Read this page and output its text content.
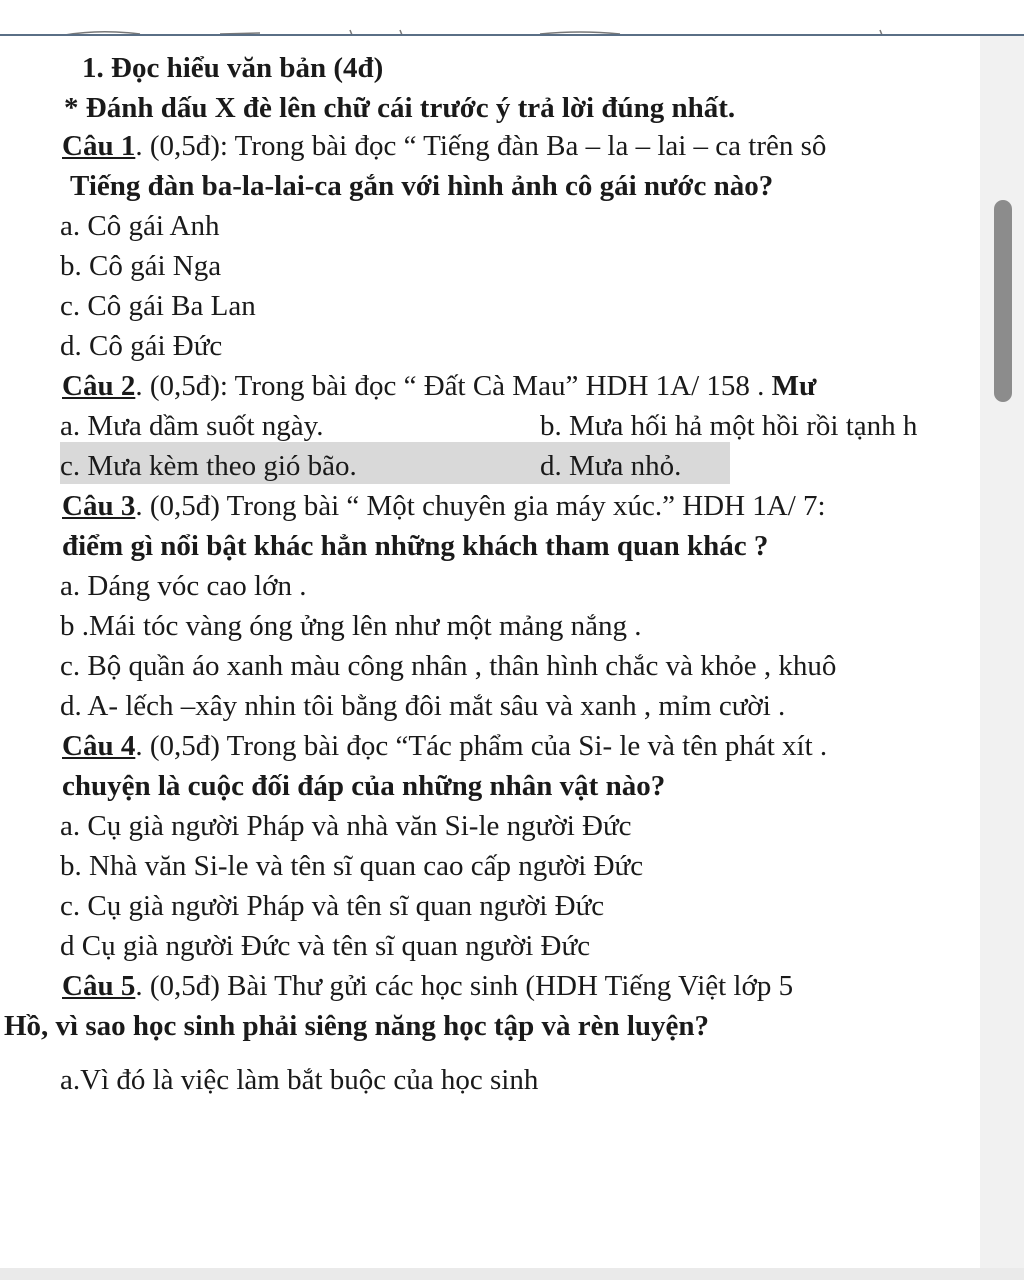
1. Đọc hiểu văn bản (4đ)
* Đánh dấu X đè lên chữ cái trước ý trả lời đúng nhất.
Câu 1. (0,5đ): Trong bài đọc “ Tiếng đàn Ba – la – lai – ca trên sô
Tiếng đàn ba-la-lai-ca gắn với hình ảnh cô gái nước nào?
a. Cô gái Anh
b. Cô gái Nga
c. Cô gái Ba Lan
d. Cô gái Đức
Câu 2. (0,5đ): Trong bài đọc “ Đất Cà Mau” HDH 1A/ 158 . Mư
a. Mưa dầm suốt ngày.	b. Mưa hối hả một hồi rồi tạnh h
c. Mưa kèm theo gió bão.	d. Mưa nhỏ.
Câu 3. (0,5đ) Trong bài “ Một chuyên gia máy xúc.” HDH 1A/ 7:
điểm gì nổi bật khác hẳn những khách tham quan khác ?
a. Dáng vóc cao lớn .
b .Mái tóc vàng óng ửng lên như một mảng nắng .
c. Bộ quần áo xanh màu công nhân , thân hình chắc và khỏe , khuô
d. A- lếch –xây nhin tôi bằng đôi mắt sâu và xanh , mỉm cười .
Câu 4. (0,5đ) Trong bài đọc “Tác phẩm của Si- le và tên phát xít .
chuyện là cuộc đối đáp của những nhân vật nào?
a. Cụ già người Pháp và nhà văn Si-le người Đức
b. Nhà văn Si-le và tên sĩ quan cao cấp người Đức
c. Cụ già người Pháp và tên sĩ quan người Đức
d Cụ già người Đức và tên sĩ quan người Đức
Câu 5. (0,5đ) Bài Thư gửi các học sinh (HDH Tiếng Việt lớp 5
Hồ, vì sao học sinh phải siêng năng học tập và rèn luyện?
a.Vì đó là việc làm bắt buộc của học sinh
